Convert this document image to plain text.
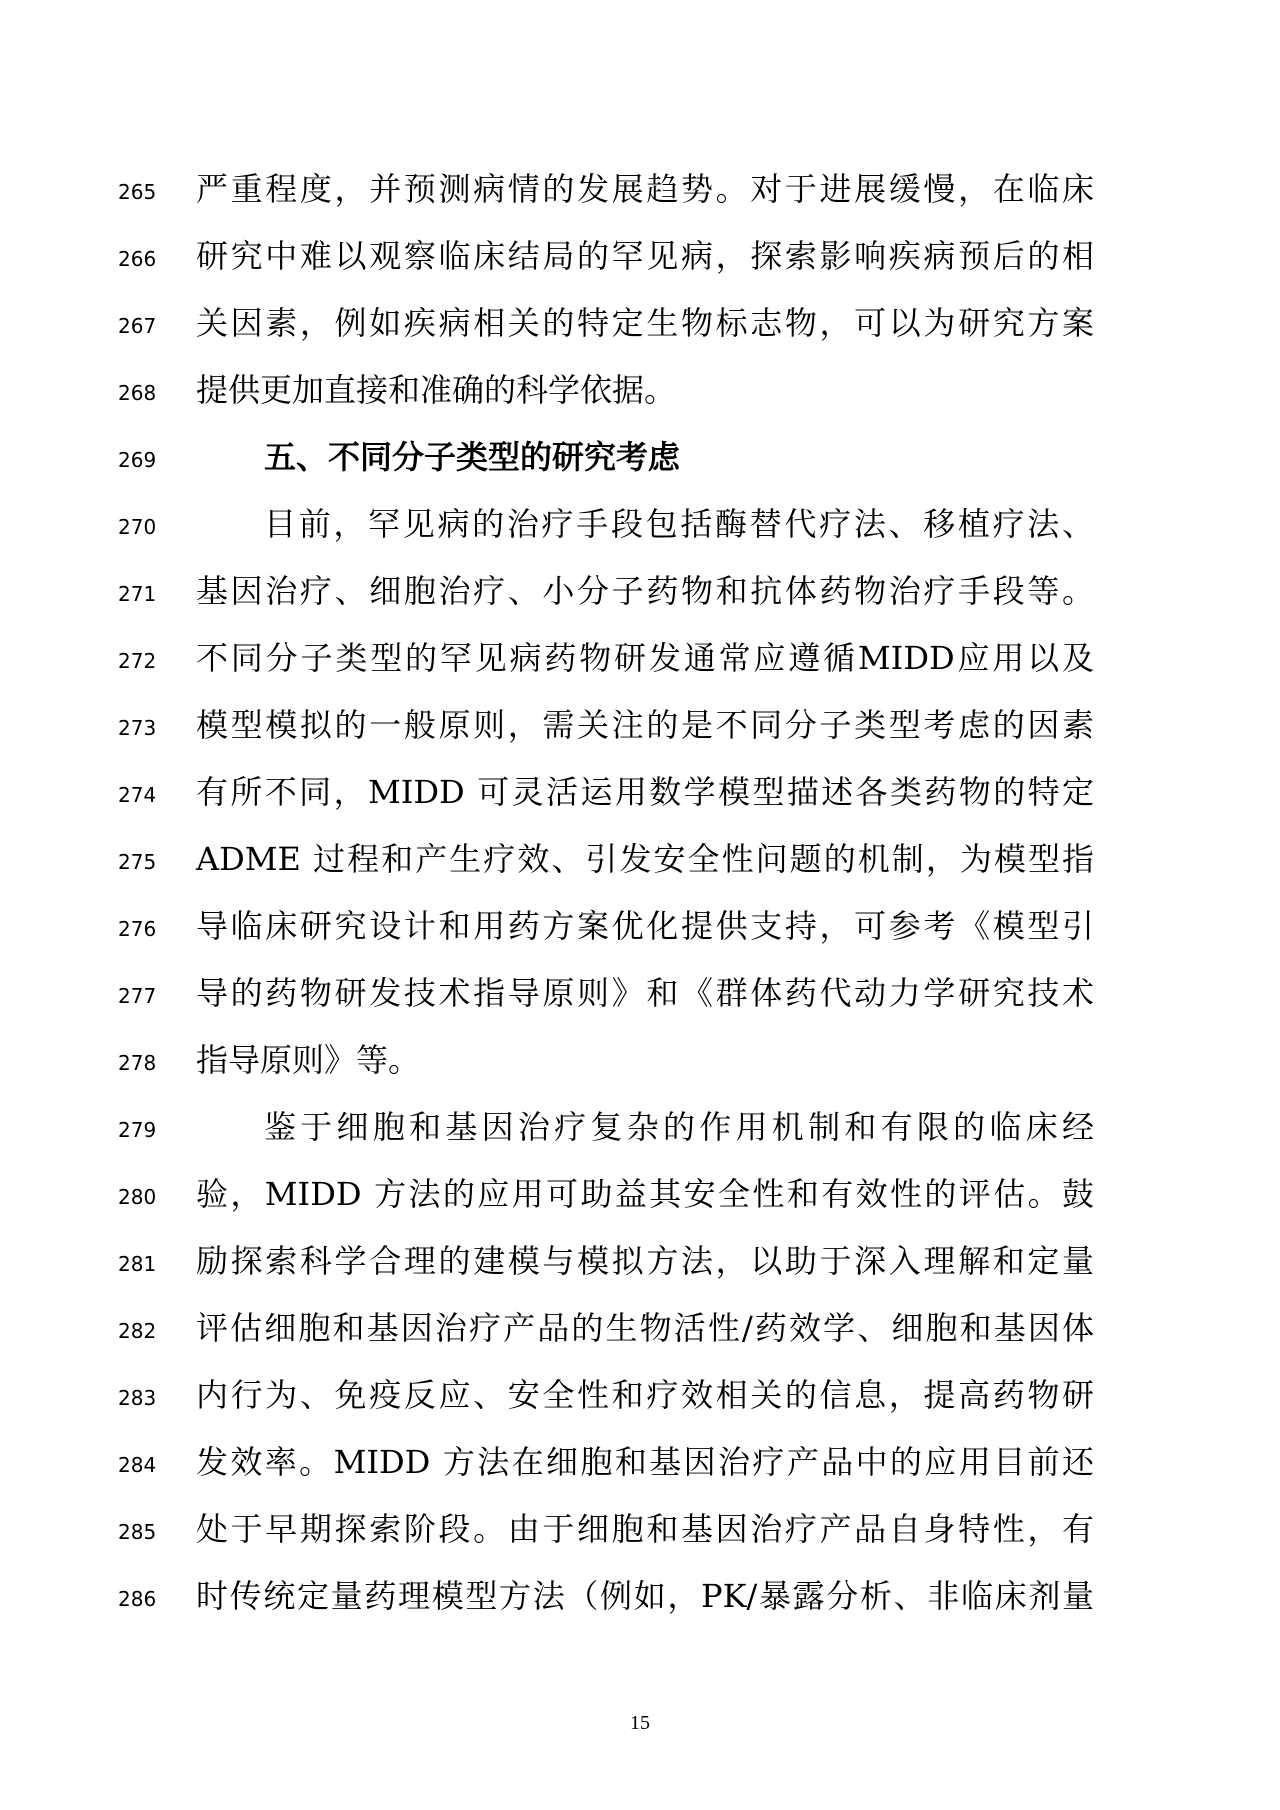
265	严重程度，并预测病情的发展趋势。对于进展缓慢，在临床
266	研究中难以观察临床结局的罕见病，探索影响疾病预后的相
267	关因素，例如疾病相关的特定生物标志物，可以为研究方案
268	提供更加直接和准确的科学依据。
269	五、不同分子类型的研究考虑
270	目前，罕见病的治疗手段包括酶替代疗法、移植疗法、
271	基因治疗、细胞治疗、小分子药物和抗体药物治疗手段等。
272	不同分子类型的罕见病药物研发通常应遵循MIDD应用以及
273	模型模拟的一般原则，需关注的是不同分子类型考虑的因素
274	有所不同，MIDD 可灵活运用数学模型描述各类药物的特定
275	ADME 过程和产生疗效、引发安全性问题的机制，为模型指
276	导临床研究设计和用药方案优化提供支持，可参考《模型引
277	导的药物研发技术指导原则》和《群体药代动力学研究技术
278	指导原则》等。
279	鉴于细胞和基因治疗复杂的作用机制和有限的临床经
280	验，MIDD 方法的应用可助益其安全性和有效性的评估。鼓
281	励探索科学合理的建模与模拟方法，以助于深入理解和定量
282	评估细胞和基因治疗产品的生物活性/药效学、细胞和基因体
283	内行为、免疫反应、安全性和疗效相关的信息，提高药物研
284	发效率。MIDD 方法在细胞和基因治疗产品中的应用目前还
285	处于早期探索阶段。由于细胞和基因治疗产品自身特性，有
286	时传统定量药理模型方法（例如，PK/暴露分析、非临床剂量
15
